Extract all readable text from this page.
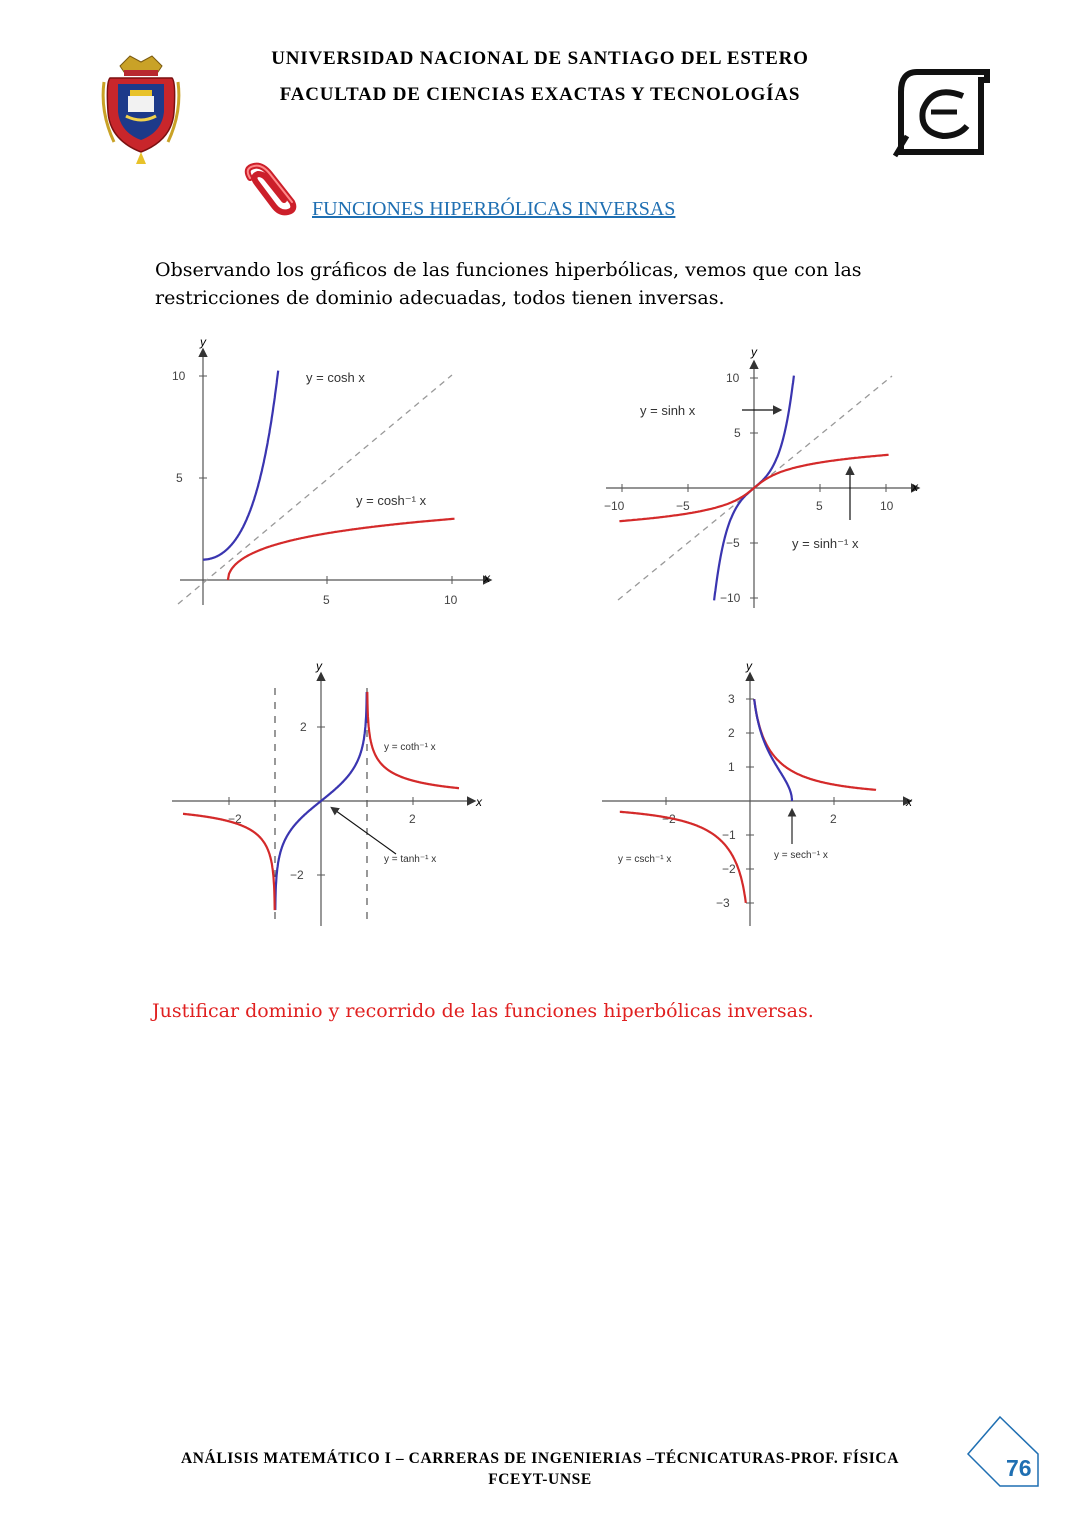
UNIVERSIDAD NACIONAL DE SANTIAGO DEL ESTERO
FACULTAD DE CIENCIAS EXACTAS Y TECNOLOGÍAS
FUNCIONES HIPERBÓLICAS INVERSAS
Observando los gráficos de las funciones hiperbólicas, vemos que con las restricciones de dominio adecuadas, todos tienen inversas.
x
y
5	10
5
10	y = cosh x
y = cosh⁻¹ x
x
y
−10	−5	5	10
10
5
−5
−10
y = sinh x
y = sinh⁻¹ x
x
y
−2	2
2
−2
y = coth⁻¹ x
y = tanh⁻¹ x
x
y
−2	2
3
2
1
−1
−2
−3
y = csch⁻¹ x	y = sech⁻¹ x
Justificar dominio y recorrido de las funciones hiperbólicas inversas.
ANÁLISIS MATEMÁTICO I – CARRERAS DE INGENIERIAS –TÉCNICATURAS-PROF. FÍSICA
FCEYT-UNSE	76
